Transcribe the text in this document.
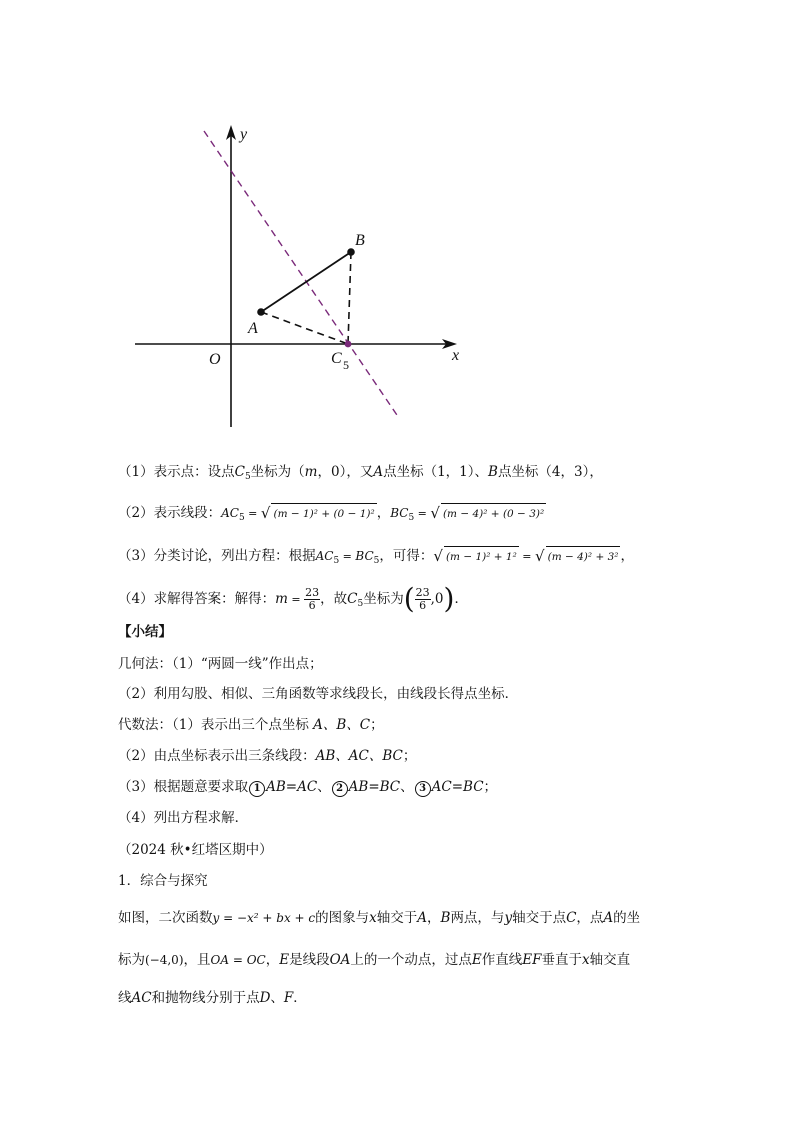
y
x
O
A
B
C 5
（1）表示点：设点$C_5$坐标为（m，0），又A点坐标（1，1）、B点坐标（4，3），
（2）表示线段：$AC_5$ = √ (m − 1)² + (0 − 1)² ，$BC_5$ = √ (m − 4)² + (0 − 3)²
（3）分类讨论，列出方程：根据$AC_5 = BC_5$，可得：√ (m − 1)² + 1² = √ (m − 4)² + 3² ，
（4）求解得答案：解得：$m = \frac{23}{6}$ ，故$C_5$坐标为( $\frac{23}{6} ,0$)．
【小结】
几何法：（1）“两圆一线”作出点；
（2）利用勾股、相似、三角函数等求线段长，由线段长得点坐标．
代数法：（1）表示出三个点坐标 A、B、C；
（2）由点坐标表示出三条线段：AB、AC、BC；
（3）根据题意要求取 1 AB=AC、 2 AB=BC、 3 AC=BC；
（4）列出方程求解．
（2024 秋•红塔区期中）
1．综合与探究
如图，二次函数y = −x² + bx + c的图象与x轴交于A，B两点，与y轴交于点C，点A的坐
标为(−4,0)，且OA = OC，E是线段OA上的一个动点，过点E作直线EF垂直于x轴交直
线AC和抛物线分别于点D、F．
